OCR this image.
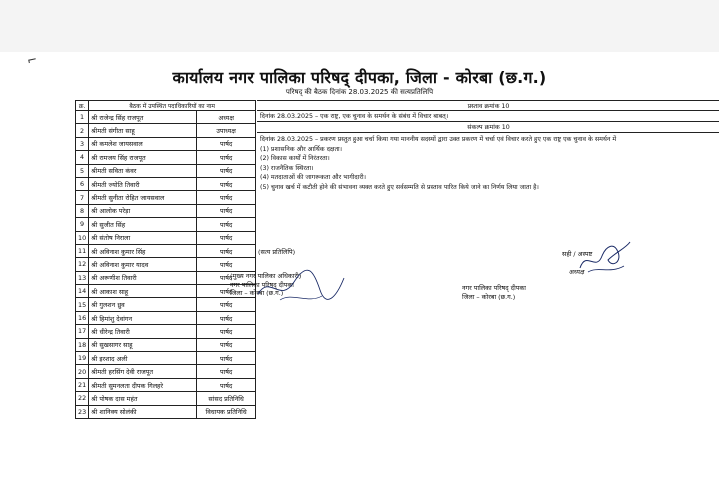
⌐
कार्यालय नगर पालिका परिषद् दीपका, जिला - कोरबा (छ.ग.)
परिषद् की बैठक दिनांक 28.03.2025 की सत्यप्रतिलिपि
क्र.	बैठक में उपस्थित पदाधिकारियों का नाम	
1	श्री राजेन्द्र सिंह राजपूत	अध्यक्ष
2	श्रीमती संगीता साहू	उपाध्यक्ष
3	श्री कमलेश जायसवाल	पार्षद
4	श्री रामजय सिंह राजपूत	पार्षद
5	श्रीमती सविता कंवर	पार्षद
6	श्रीमती ज्योति तिवारी	पार्षद
7	श्रीमती सुनीता रोहित जायसवाल	पार्षद
8	श्री आलोक परेड़ा	पार्षद
9	श्री सुजीत सिंह	पार्षद
10	श्री संतोष निराला	पार्षद
11	श्री अविनाश कुमार सिंह	पार्षद
12	श्री अविनाश कुमार यादव	पार्षद
13	श्री अरूणीश तिवारी	पार्षद
14	श्री आकाश साहू	पार्षद
15	श्री गुलशन ध्रुव	पार्षद
16	श्री हिमांशु देवांगन	पार्षद
17	श्री धीरेन्द्र तिवारी	पार्षद
18	श्री सुखसागर साहू	पार्षद
19	श्री इरशाद अली	पार्षद
20	श्रीमती हरसिंग देवी राजपूत	पार्षद
21	श्रीमती सुमनलता दीपक गिलहरे	पार्षद
22	श्री पोषक दास महंत	सांसद प्रतिनिधि
23	श्री शानिक्य सोलंकी	विधायक प्रतिनिधि
प्रस्ताव क्रमांक 10
दिनांक 28.03.2025 – एक राष्ट्र, एक चुनाव के समर्थन के संबंध में विचार बाबत्।
संकल्प क्रमांक 10

दिनांक 28.03.2025 – प्रकरण प्रस्तुत हुआ चर्चा किया गया माननीय सदस्यों द्वारा उक्त प्रकरण में चर्चा एवं विचार करते हुए एक राष्ट्र एक चुनाव के समर्थन में

(1) प्रशासनिक और आर्थिक दक्षता।

(2) विकास कार्यों में निरंतरता।

(3) राजनैतिक स्थिरता।

(4) मतदाताओं की जागरूकता और भागीदारी।

(5) चुनाव खर्च में कटौती होने की संभावना व्यक्त करते हुए सर्वसम्मति से प्रस्ताव पारित किये जाने का निर्णय लिया जाता है।

(सत्य प्रतिलिपि)
(मुख्य नगर पालिका अधिकारी)
नगर पालिका परिषद् दीपका
जिला – कोरबा (छ.ग.)
सही / अस्पष्ट
अध्यक्ष
नगर पालिका परिषद् दीपका
जिला – कोरबा (छ.ग.)
